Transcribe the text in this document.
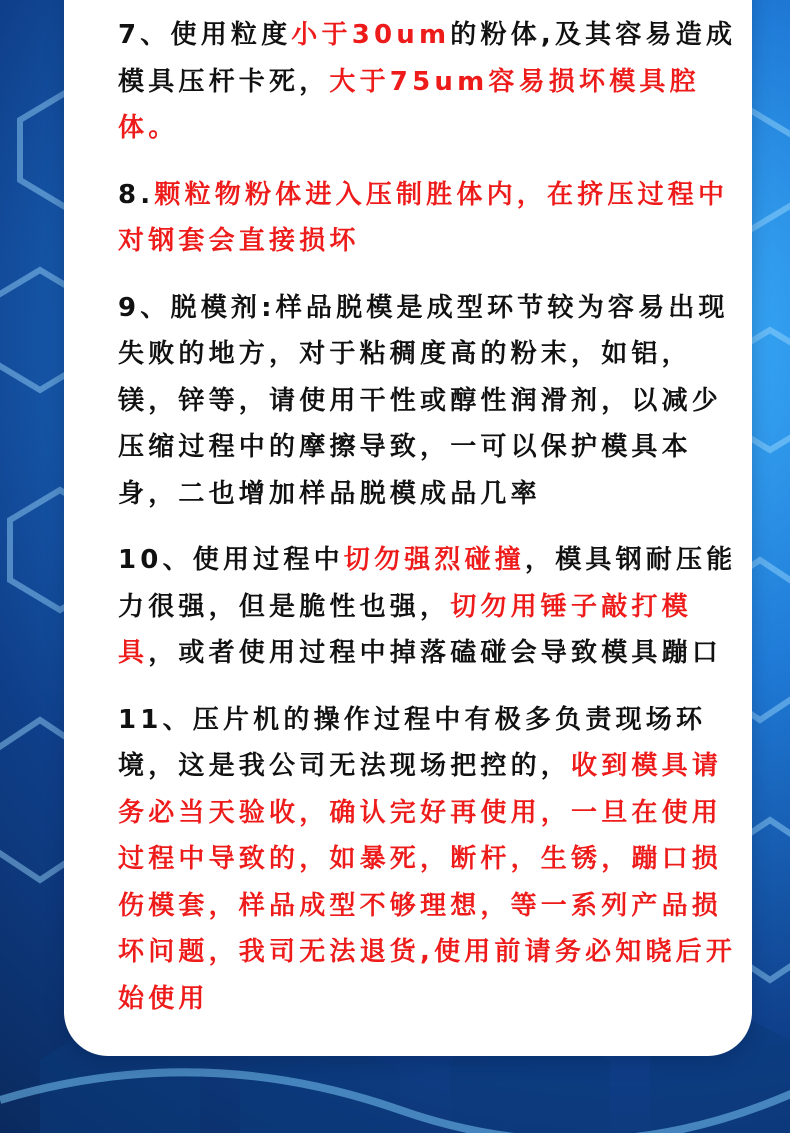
7、使用粒度小于30um的粉体,及其容易造成模具压杆卡死，大于75um容易损坏模具腔体。

8.颗粒物粉体进入压制胜体内，在挤压过程中对钢套会直接损坏

9、脱模剂:样品脱模是成型环节较为容易出现失败的地方，对于粘稠度高的粉末，如铝，镁，锌等，请使用干性或醇性润滑剂，以减少压缩过程中的摩擦导致，一可以保护模具本身，二也增加样品脱模成品几率

10、使用过程中切勿强烈碰撞，模具钢耐压能力很强，但是脆性也强，切勿用锤子敲打模具，或者使用过程中掉落磕碰会导致模具蹦口

11、压片机的操作过程中有极多负责现场环境，这是我公司无法现场把控的，收到模具请务必当天验收，确认完好再使用，一旦在使用过程中导致的，如暴死，断杆，生锈，蹦口损伤模套，样品成型不够理想，等一系列产品损坏问题，我司无法退货,使用前请务必知晓后开始使用
